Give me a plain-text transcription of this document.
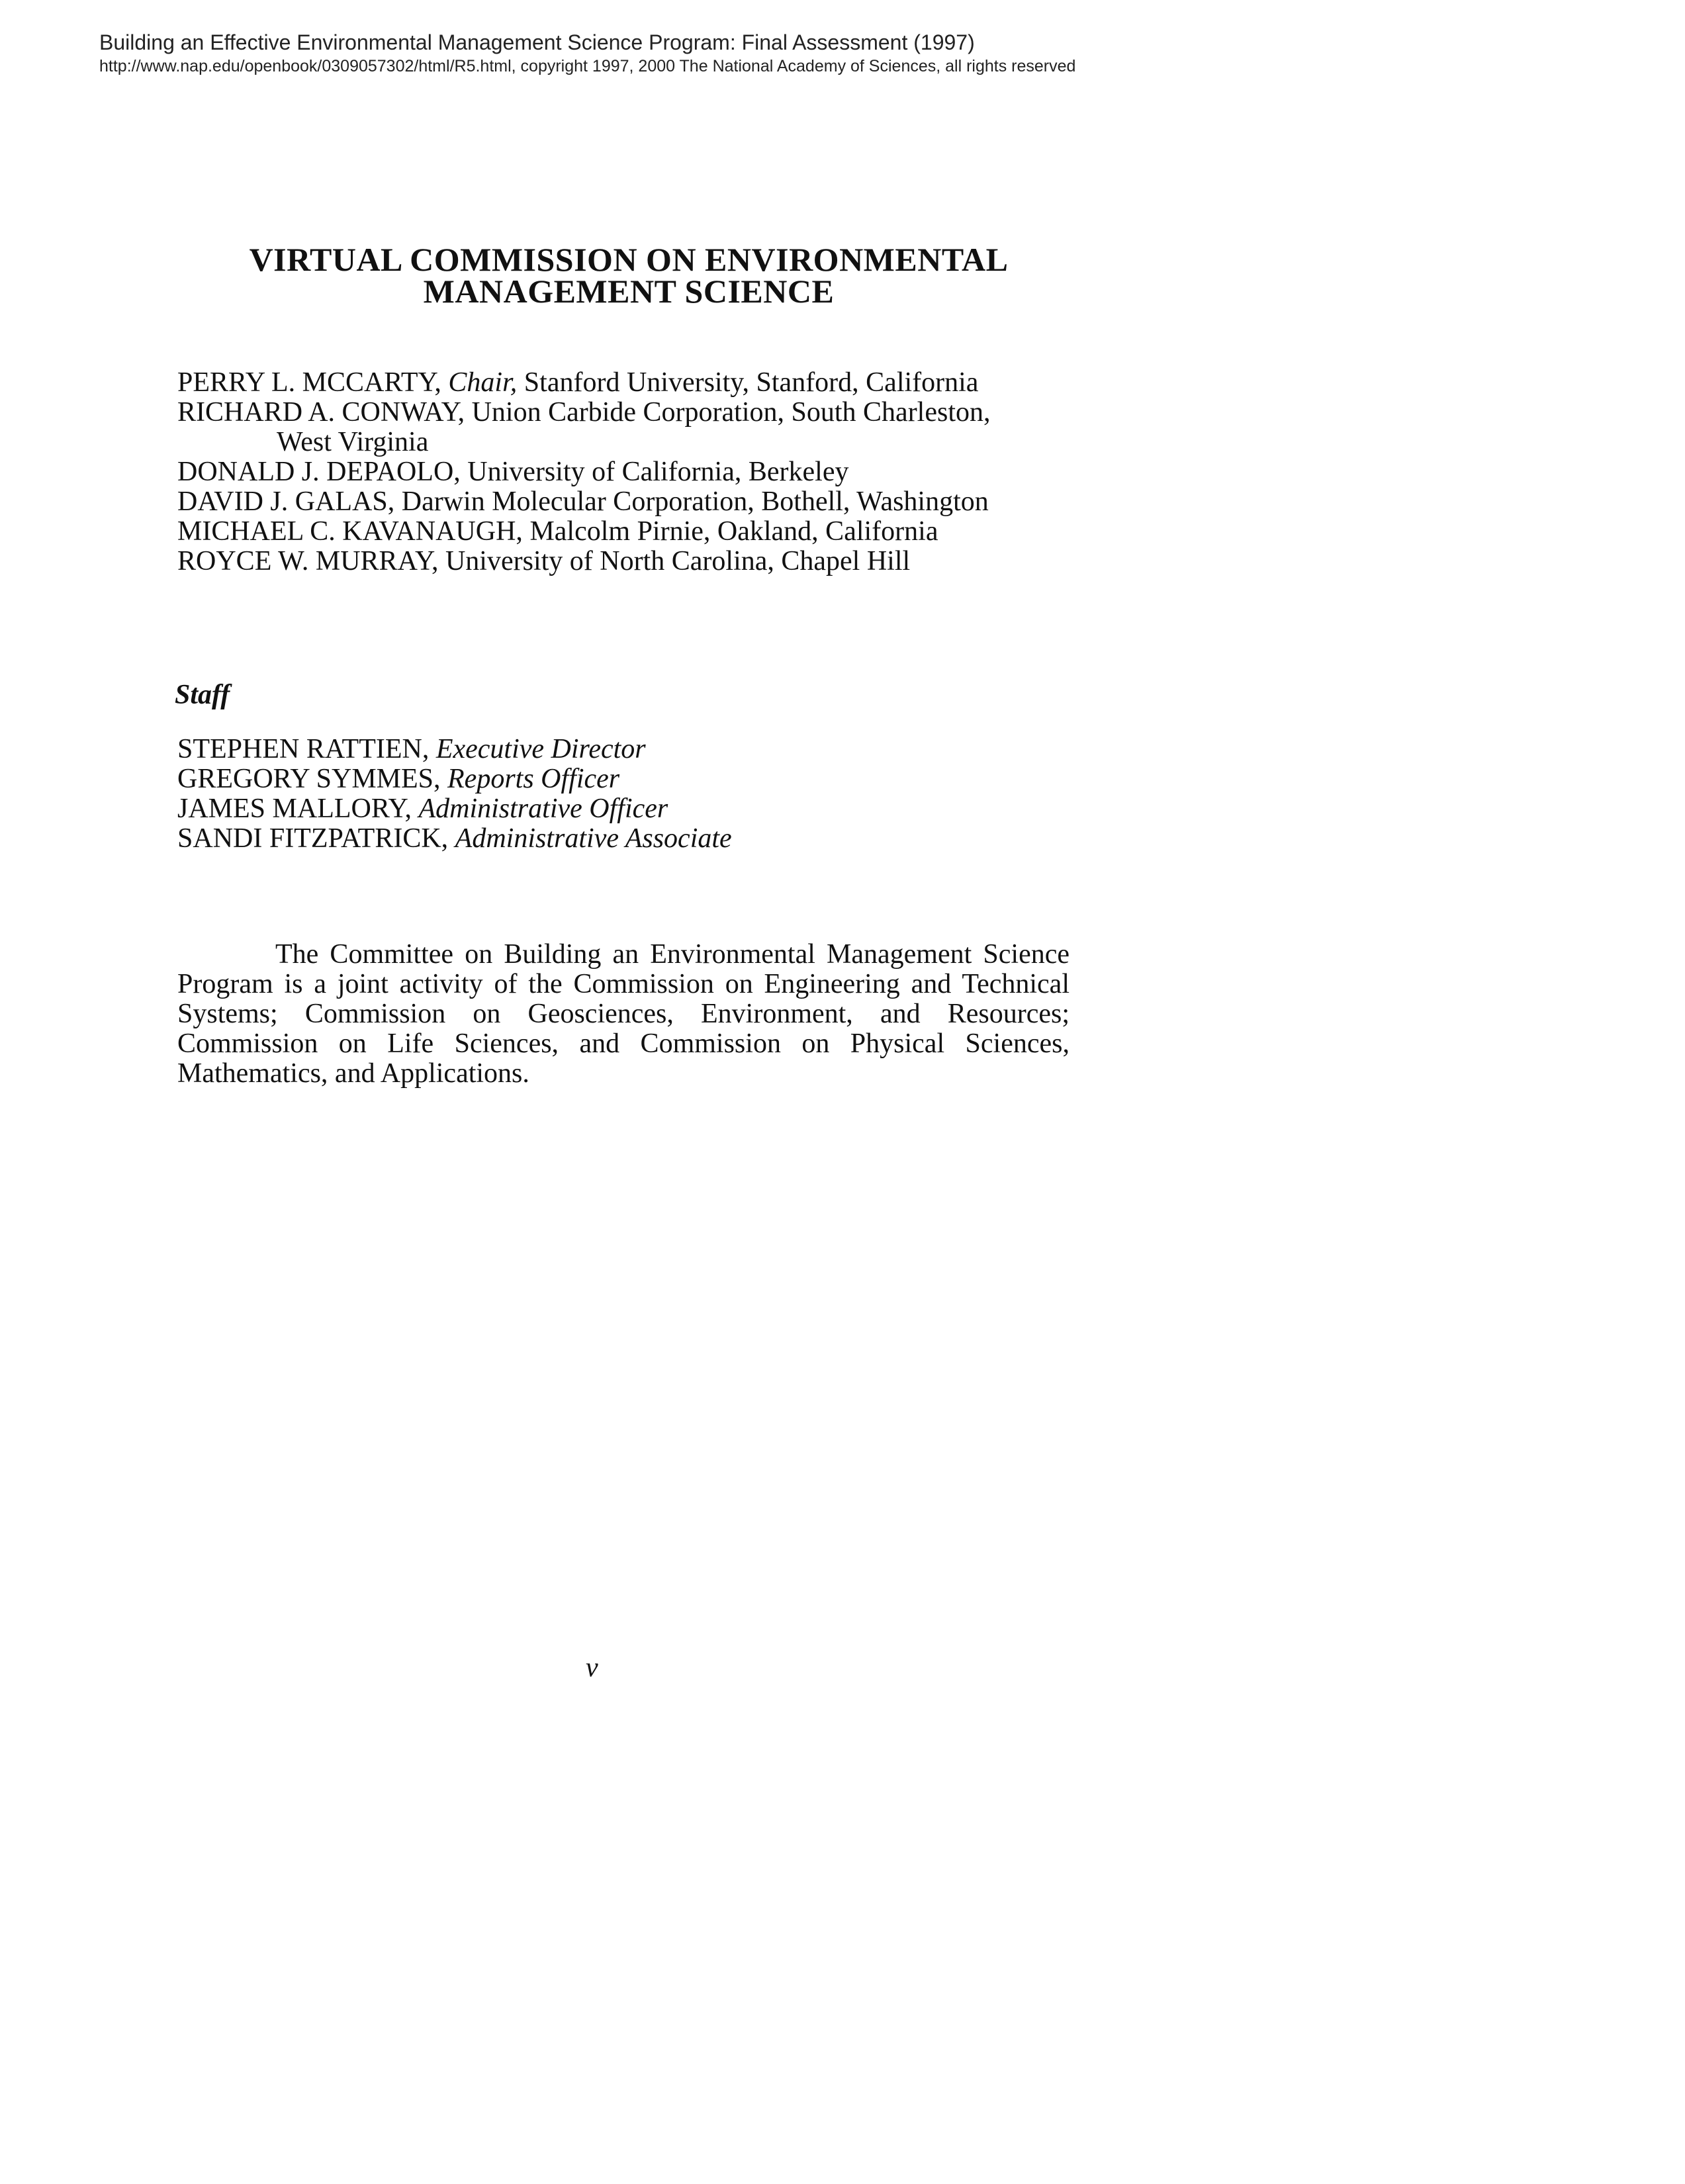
Building an Effective Environmental Management Science Program: Final Assessment (1997)
http://www.nap.edu/openbook/0309057302/html/R5.html, copyright 1997, 2000 The National Academy of Sciences, all rights reserved
VIRTUAL COMMISSION ON ENVIRONMENTAL
MANAGEMENT SCIENCE
PERRY L. MCCARTY, Chair, Stanford University, Stanford, California
RICHARD A. CONWAY, Union Carbide Corporation, South Charleston,
West Virginia
DONALD J. DEPAOLO, University of California, Berkeley
DAVID J. GALAS, Darwin Molecular Corporation, Bothell, Washington
MICHAEL C. KAVANAUGH, Malcolm Pirnie, Oakland, California
ROYCE W. MURRAY, University of North Carolina, Chapel Hill
Staff
STEPHEN RATTIEN, Executive Director
GREGORY SYMMES, Reports Officer
JAMES MALLORY, Administrative Officer
SANDI FITZPATRICK, Administrative Associate

The Committee on Building an Environmental Management Science Program is a joint activity of the Commission on Engineering and Technical Systems; Commission on Geosciences, Environment, and Resources; Commission on Life Sciences, and Commission on Physical Sciences, Mathematics, and Applications.

v
